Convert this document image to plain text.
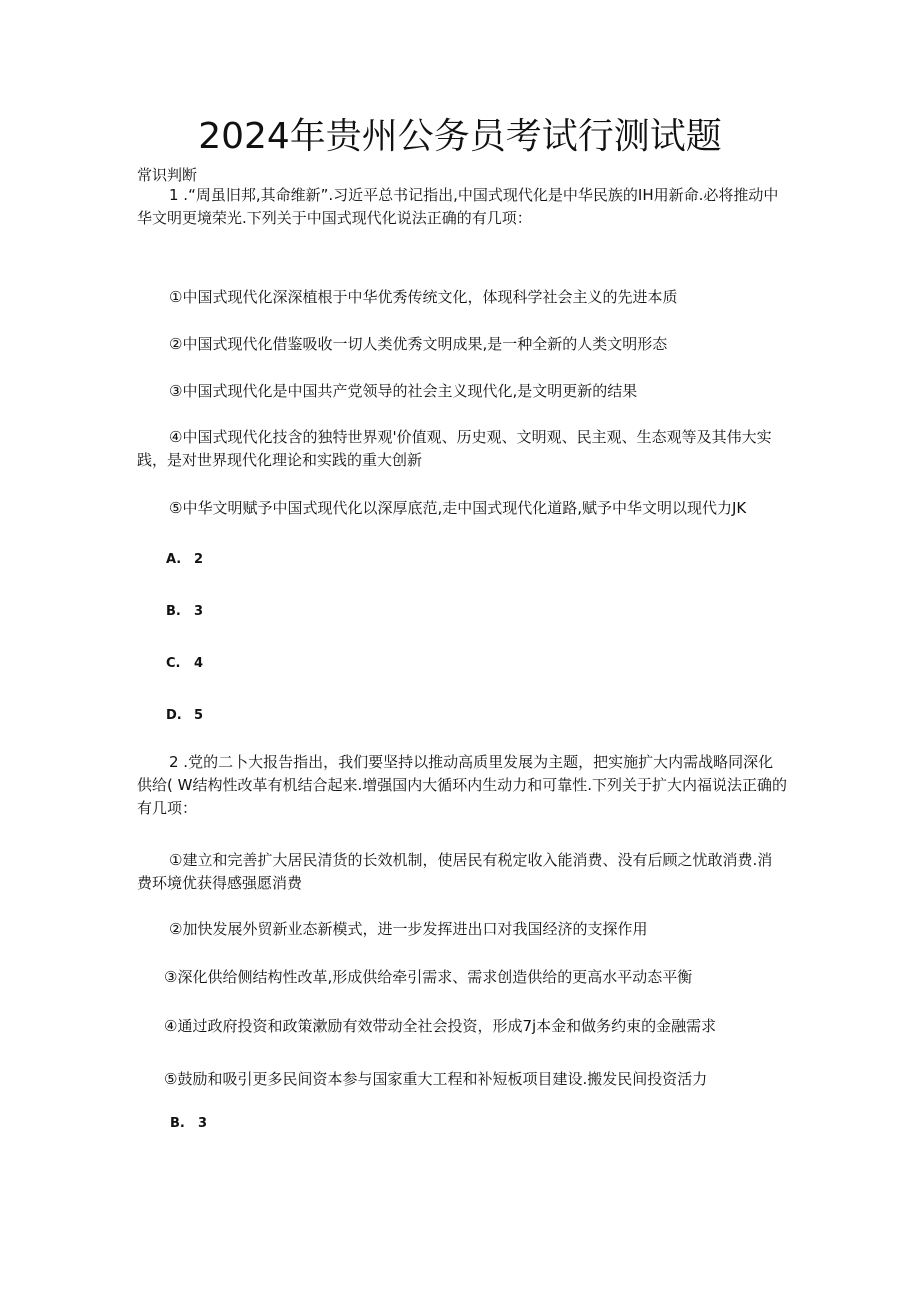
2024年贵州公务员考试行测试题
常识判断
1 .“周虽旧邦,其命维新”.习近平总书记指出,中国式现代化是中华民族的IH用新命.必将推动中华文明更境荣光.下列关于中国式现代化说法正确的有几项：
①中国式现代化深深植根于中华优秀传统文化，体现科学社会主义的先进本质
②中国式现代化借鉴吸收一切人类优秀文明成果,是一种全新的人类文明形态
③中国式现代化是中国共产党领导的社会主义现代化,是文明更新的结果
④中国式现代化技含的独特世界观'价值观、历史观、文明观、民主观、生态观等及其伟大实践，是对世界现代化理论和实践的重大创新
⑤中华文明赋予中国式现代化以深厚底范,走中国式现代化道路,赋予中华文明以现代力JK
A. 2
B. 3
C. 4
D. 5
2 .党的二卜大报告指出，我们要坚持以推动高质里发展为主题，把实施扩大内需战略同深化供给( W结构性改革有机结合起来.增强国内大循环内生动力和可靠性.下列关于扩大内福说法正确的有几项：
①建立和完善扩大居民清货的长效机制，使居民有税定收入能消费、没有后顾之忧敢消费.消费环境优获得感强愿消费
②加快发展外贸新业态新模式，进一步发挥进出口对我国经济的支探作用
③深化供给侧结构性改革,形成供给牵引需求、需求创造供给的更高水平动态平衡
④通过政府投资和政策漱励有效带动全社会投资，形成7j本金和做务约束的金融需求
⑤鼓励和吸引更多民间资本参与国家重大工程和补短板项目建设.搬发民间投资活力
B. 3
